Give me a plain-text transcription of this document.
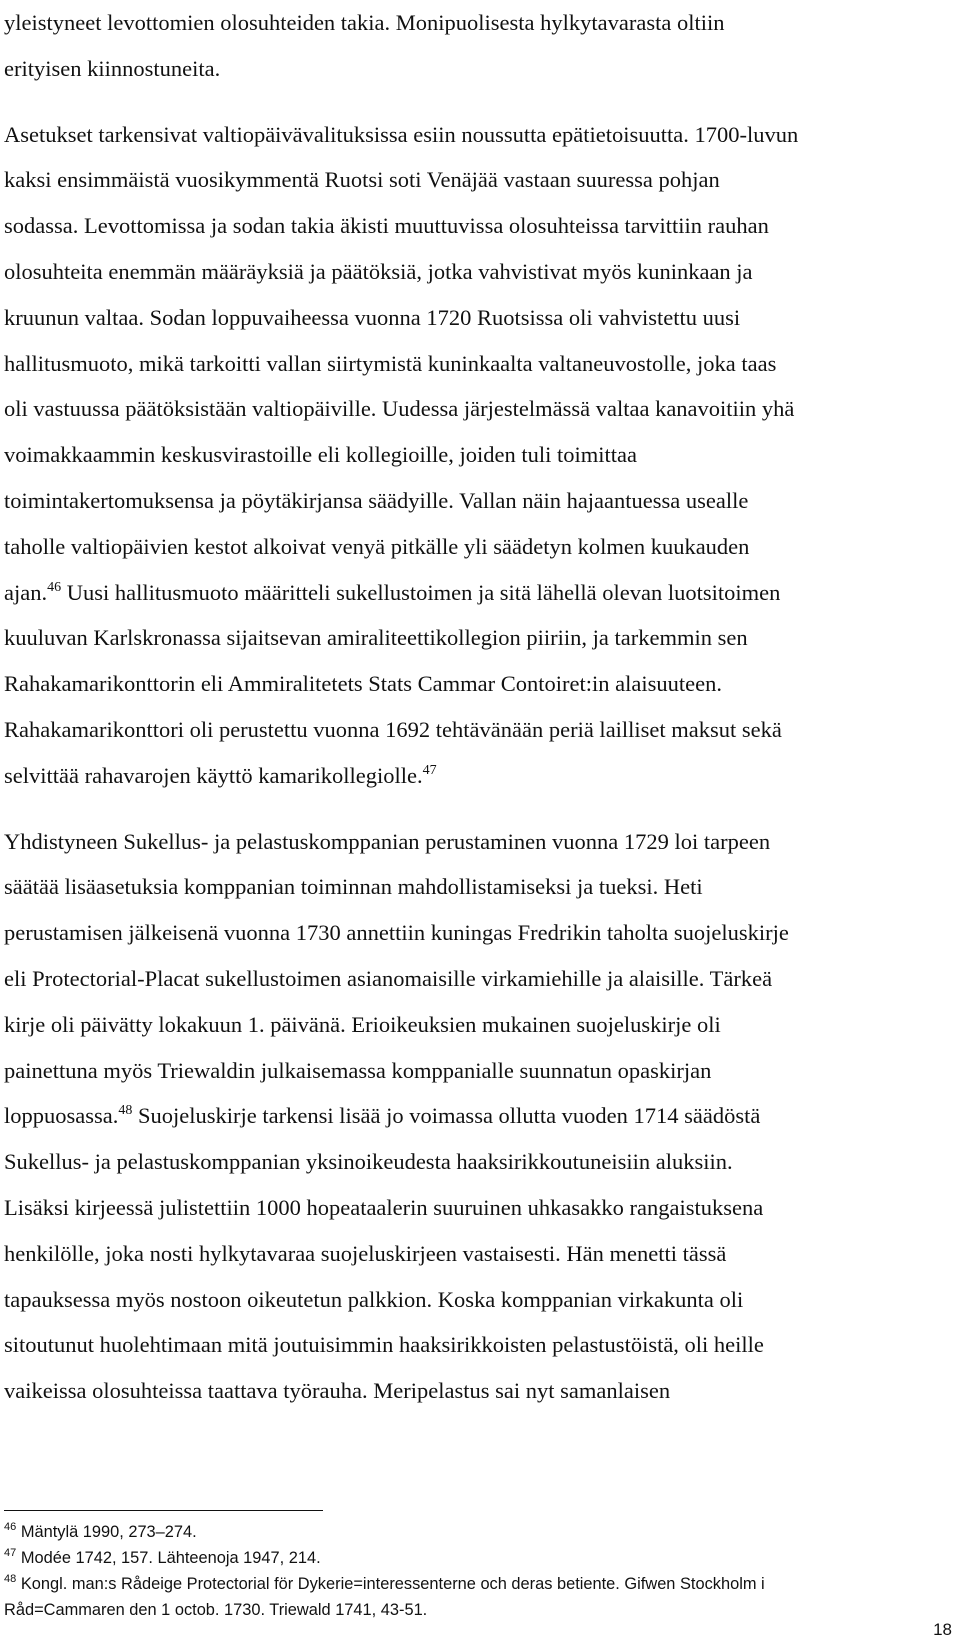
yleistyneet levottomien olosuhteiden takia. Monipuolisesta hylkytavarasta oltiin
erityisen kiinnostuneita.
Asetukset tarkensivat valtiopäivävalituksissa esiin noussutta epätietoisuutta. 1700-luvun
kaksi ensimmäistä vuosikymmentä Ruotsi soti Venäjää vastaan suuressa pohjan
sodassa. Levottomissa ja sodan takia äkisti muuttuvissa olosuhteissa tarvittiin rauhan
olosuhteita enemmän määräyksiä ja päätöksiä, jotka vahvistivat myös kuninkaan ja
kruunun valtaa. Sodan loppuvaiheessa vuonna 1720 Ruotsissa oli vahvistettu uusi
hallitusmuoto, mikä tarkoitti vallan siirtymistä kuninkaalta valtaneuvostolle, joka taas
oli vastuussa päätöksistään valtiopäiville. Uudessa järjestelmässä valtaa kanavoitiin yhä
voimakkaammin keskusvirastoille eli kollegioille, joiden tuli toimittaa
toimintakertomuksensa ja pöytäkirjansa säädyille. Vallan näin hajaantuessa usealle
taholle valtiopäivien kestot alkoivat venyä pitkälle yli säädetyn kolmen kuukauden
ajan.$^{46}$ Uusi hallitusmuoto määritteli sukellustoimen ja sitä lähellä olevan luotsitoimen
kuuluvan Karlskronassa sijaitsevan amiraliteettikollegion piiriin, ja tarkemmin sen
Rahakamarikonttorin eli Ammiralitetets Stats Cammar Contoiret:in alaisuuteen.
Rahakamarikonttori oli perustettu vuonna 1692 tehtävänään periä lailliset maksut sekä
selvittää rahavarojen käyttö kamarikollegiolle.$^{47}$
Yhdistyneen Sukellus- ja pelastuskomppanian perustaminen vuonna 1729 loi tarpeen
säätää lisäasetuksia komppanian toiminnan mahdollistamiseksi ja tueksi. Heti
perustamisen jälkeisenä vuonna 1730 annettiin kuningas Fredrikin taholta suojeluskirje
eli Protectorial-Placat sukellustoimen asianomaisille virkamiehille ja alaisille. Tärkeä
kirje oli päivätty lokakuun 1. päivänä. Erioikeuksien mukainen suojeluskirje oli
painettuna myös Triewaldin julkaisemassa komppanialle suunnatun opaskirjan
loppuosassa.$^{48}$ Suojeluskirje tarkensi lisää jo voimassa ollutta vuoden 1714 säädöstä
Sukellus- ja pelastuskomppanian yksinoikeudesta haaksirikkoutuneisiin aluksiin.
Lisäksi kirjeessä julistettiin 1000 hopeataalerin suuruinen uhkasakko rangaistuksena
henkilölle, joka nosti hylkytavaraa suojeluskirjeen vastaisesti. Hän menetti tässä
tapauksessa myös nostoon oikeutetun palkkion. Koska komppanian virkakunta oli
sitoutunut huolehtimaan mitä joutuisimmin haaksirikkoisten pelastustöistä, oli heille
vaikeissa olosuhteissa taattava työrauha. Meripelastus sai nyt samanlaisen
$^{46}$ Mäntylä 1990, 273–274.
$^{47}$ Modée 1742, 157. Lähteenoja 1947, 214.
$^{48}$ Kongl. man:s Rådeige Protectorial för Dykerie=interessenterne och deras betiente. Gifwen Stockholm i
Råd=Cammaren den 1 octob. 1730. Triewald 1741, 43-51.
18
